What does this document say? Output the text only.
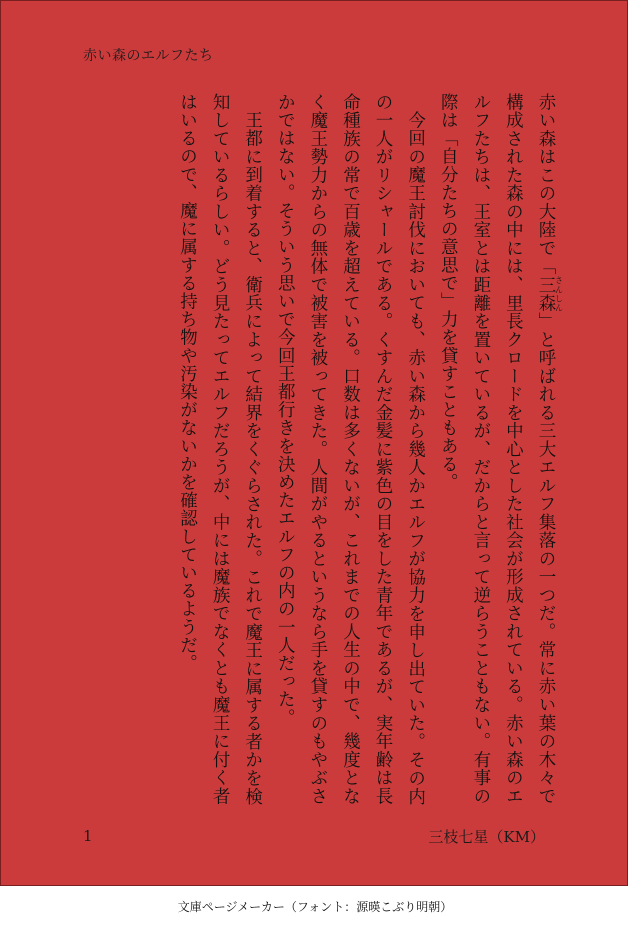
赤い森のエルフたち

赤い森はこの大陸で「三森さんしん」と呼ばれる三大エルフ集落の一つだ。常に赤い葉の木々で構成された森の中には、里長クロードを中心とした社会が形成されている。赤い森のエルフたちは、王室とは距離を置いているが、だからと言って逆らうこともない。有事の際は「自分たちの意思で」力を貸すこともある。

今回の魔王討伐においても、赤い森から幾人かエルフが協力を申し出ていた。その内の一人がリシャールである。くすんだ金髪に紫色の目をした青年であるが、実年齢は長命種族の常で百歳を超えている。口数は多くないが、これまでの人生の中で、幾度となく魔王勢力からの無体で被害を被ってきた。人間がやるというなら手を貸すのもやぶさかではない。そういう思いで今回王都行きを決めたエルフの内の一人だった。

王都に到着すると、衛兵によって結界をくぐらされた。これで魔王に属する者かを検知しているらしい。どう見たってエルフだろうが、中には魔族でなくとも魔王に付く者はいるので、魔に属する持ち物や汚染がないかを確認しているようだ。

1	三枝七星（KM）
文庫ページメーカー（フォント：源暎こぶり明朝）
